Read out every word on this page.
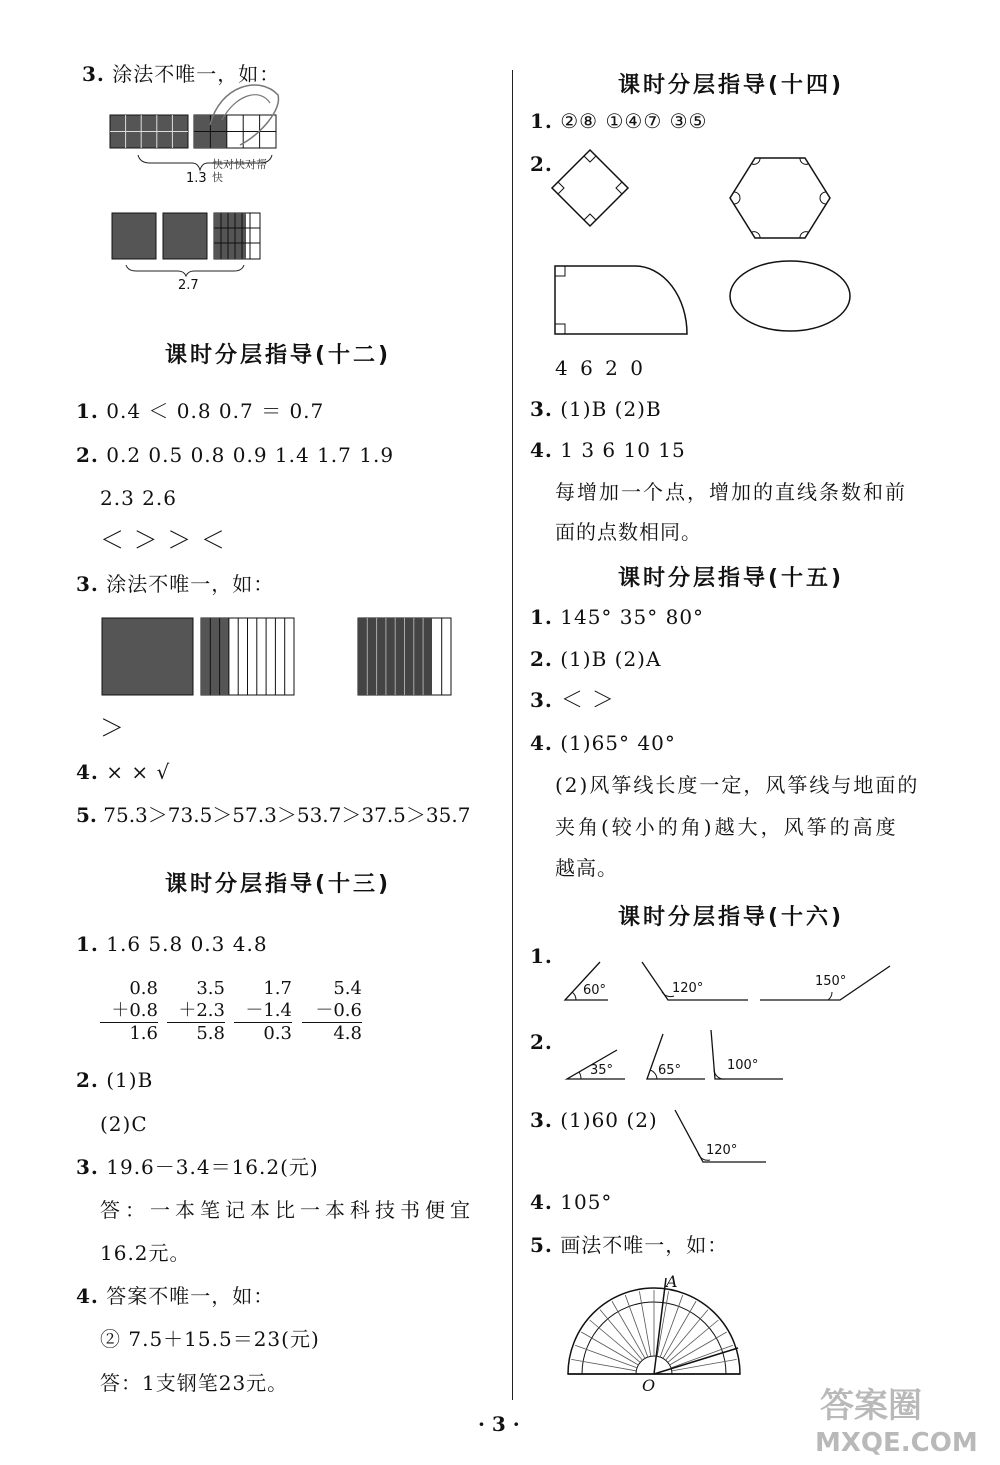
3. 涂法不唯一，如：
1.3
快对快对帮
快
2.7
课时分层指导(十二)
1. 0.4 ＜ 0.8 0.7 ＝ 0.7
2. 0.2 0.5 0.8 0.9 1.4 1.7 1.9
2.3 2.6
＜ ＞ ＞ ＜
3. 涂法不唯一，如：
＞
4. × × √
5. 75.3＞73.5＞57.3＞53.7＞37.5＞35.7
课时分层指导(十三)
1. 1.6 5.8 0.3 4.8
0.8
＋0.8
1.6
3.5
＋2.3
5.8
1.7
－1.4
0.3
5.4
－0.6
4.8
2. (1)B
(2)C
3. 19.6－3.4＝16.2(元)
答：一本笔记本比一本科技书便宜
16.2元。
4. 答案不唯一，如：
② 7.5＋15.5＝23(元)
答：1支钢笔23元。
课时分层指导(十四)
1. ②⑧ ①④⑦ ③⑤
2.
4 6 2 0
3. (1)B (2)B
4. 1 3 6 10 15
每增加一个点，增加的直线条数和前
面的点数相同。
课时分层指导(十五)
1. 145° 35° 80°
2. (1)B (2)A
3. ＜ ＞
4. (1)65° 40°
(2)风筝线长度一定，风筝线与地面的
夹角(较小的角)越大，风筝的高度
越高。
课时分层指导(十六)
1.
60°	120°	150°
2.
35°	65°	100°
3. (1)60 (2)
120°
4. 105°
5. 画法不唯一，如：
A
O
· 3 ·	答案圈
MXQE.COM
